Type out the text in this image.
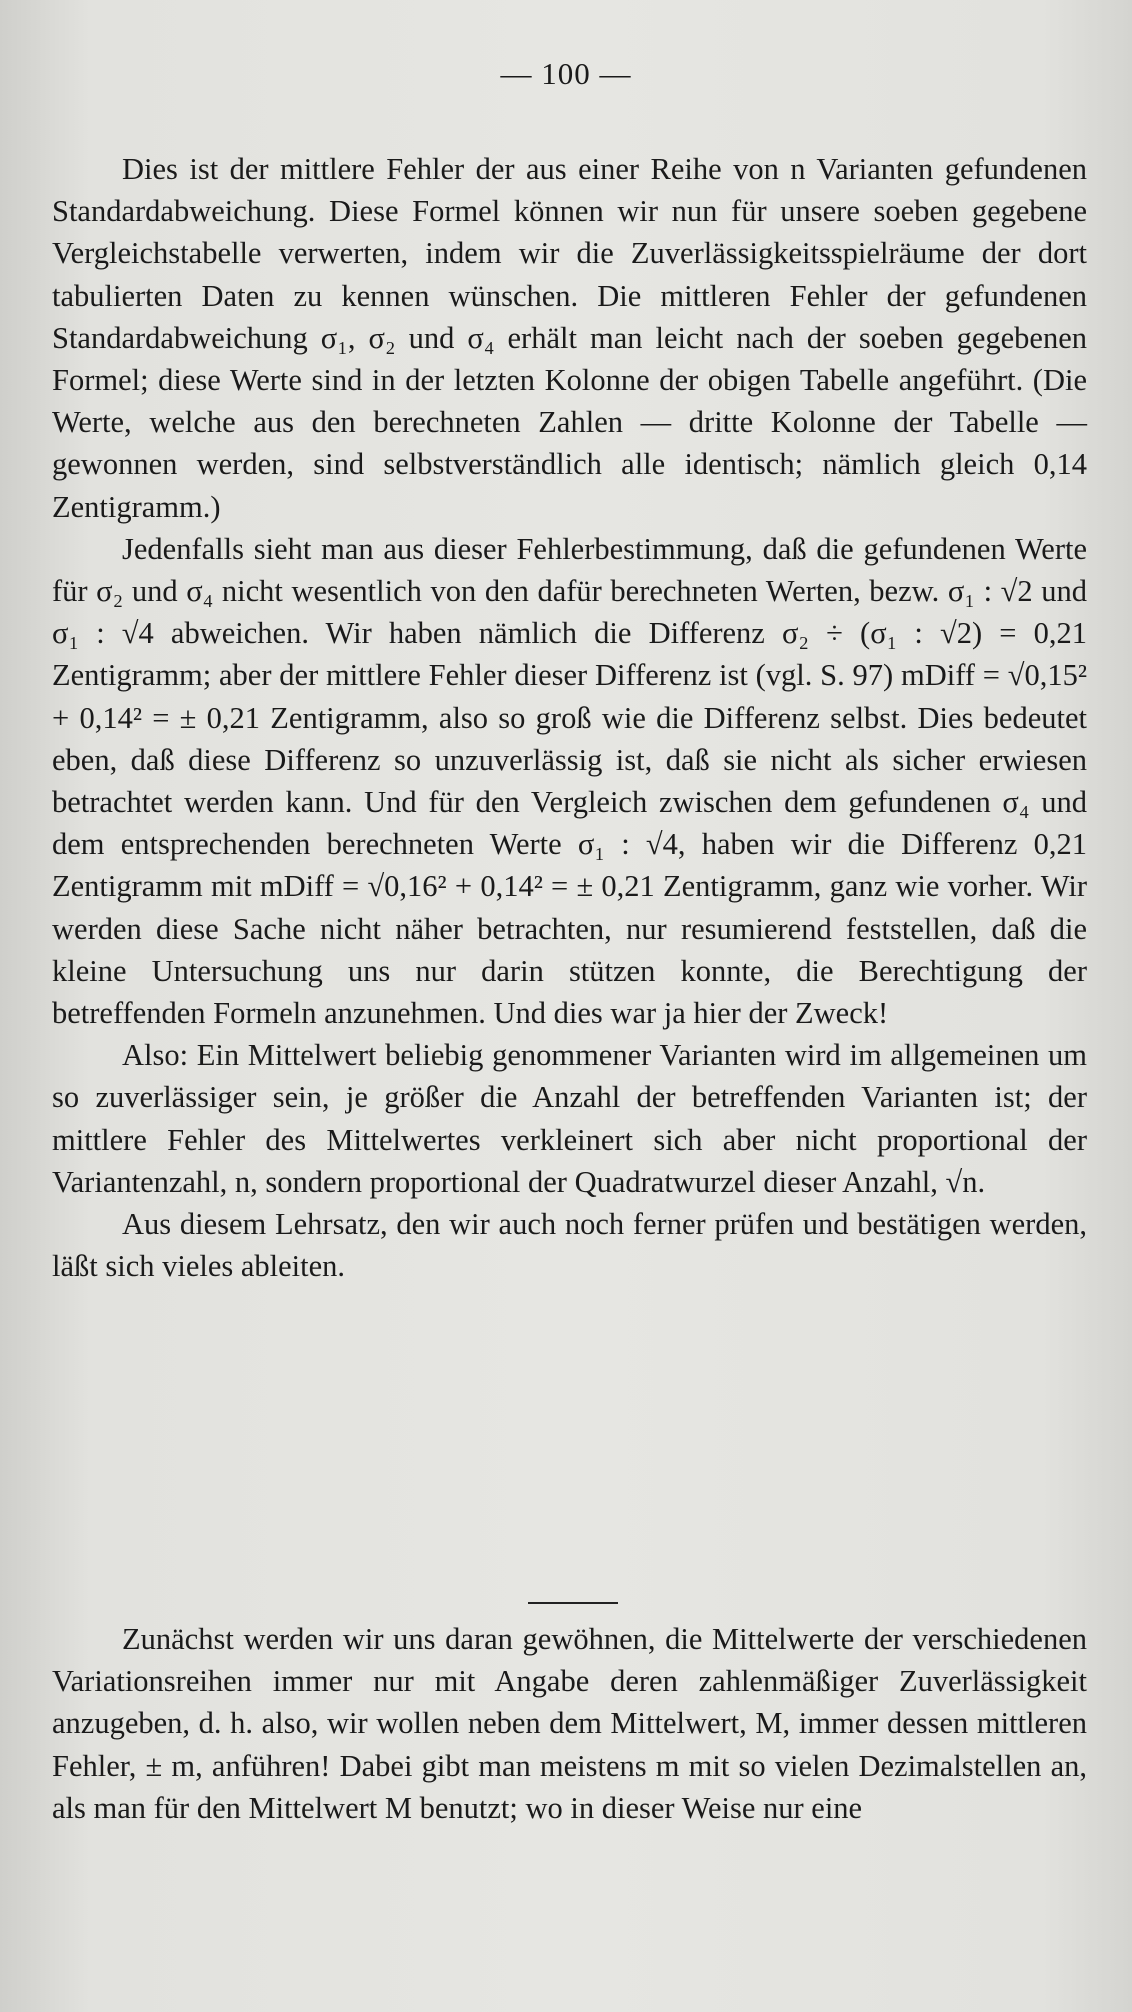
— 100 —

Dies ist der mittlere Fehler der aus einer Reihe von n Varianten gefundenen Standardabweichung. Diese Formel können wir nun für unsere soeben gegebene Vergleichstabelle verwerten, indem wir die Zuverlässigkeitsspielräume der dort tabulierten Daten zu kennen wünschen. Die mittleren Fehler der gefundenen Standardabweichung σ₁, σ₂ und σ₄ erhält man leicht nach der soeben gegebenen Formel; diese Werte sind in der letzten Kolonne der obigen Tabelle angeführt. (Die Werte, welche aus den berechneten Zahlen — dritte Kolonne der Tabelle — gewonnen werden, sind selbstverständlich alle identisch; nämlich gleich 0,14 Zentigramm.)

Jedenfalls sieht man aus dieser Fehlerbestimmung, daß die gefundenen Werte für σ₂ und σ₄ nicht wesentlich von den dafür berechneten Werten, bezw. σ₁ : √2 und σ₁ : √4 abweichen. Wir haben nämlich die Differenz σ₂ ÷ (σ₁ : √2) = 0,21 Zentigramm; aber der mittlere Fehler dieser Differenz ist (vgl. S. 97) mDiff = √0,15² + 0,14² = ± 0,21 Zentigramm, also so groß wie die Differenz selbst. Dies bedeutet eben, daß diese Differenz so unzuverlässig ist, daß sie nicht als sicher erwiesen betrachtet werden kann. Und für den Vergleich zwischen dem gefundenen σ₄ und dem entsprechenden berechneten Werte σ₁ : √4, haben wir die Differenz 0,21 Zentigramm mit mDiff = √0,16² + 0,14² = ± 0,21 Zentigramm, ganz wie vorher. Wir werden diese Sache nicht näher betrachten, nur resumierend feststellen, daß die kleine Untersuchung uns nur darin stützen konnte, die Berechtigung der betreffenden Formeln anzunehmen. Und dies war ja hier der Zweck!

Also: Ein Mittelwert beliebig genommener Varianten wird im allgemeinen um so zuverlässiger sein, je größer die Anzahl der betreffenden Varianten ist; der mittlere Fehler des Mittelwertes verkleinert sich aber nicht proportional der Variantenzahl, n, sondern proportional der Quadratwurzel dieser Anzahl, √n.

Aus diesem Lehrsatz, den wir auch noch ferner prüfen und bestätigen werden, läßt sich vieles ableiten.

Zunächst werden wir uns daran gewöhnen, die Mittelwerte der verschiedenen Variationsreihen immer nur mit Angabe deren zahlenmäßiger Zuverlässigkeit anzugeben, d. h. also, wir wollen neben dem Mittelwert, M, immer dessen mittleren Fehler, ± m, anführen! Dabei gibt man meistens m mit so vielen Dezimalstellen an, als man für den Mittelwert M benutzt; wo in dieser Weise nur eine
